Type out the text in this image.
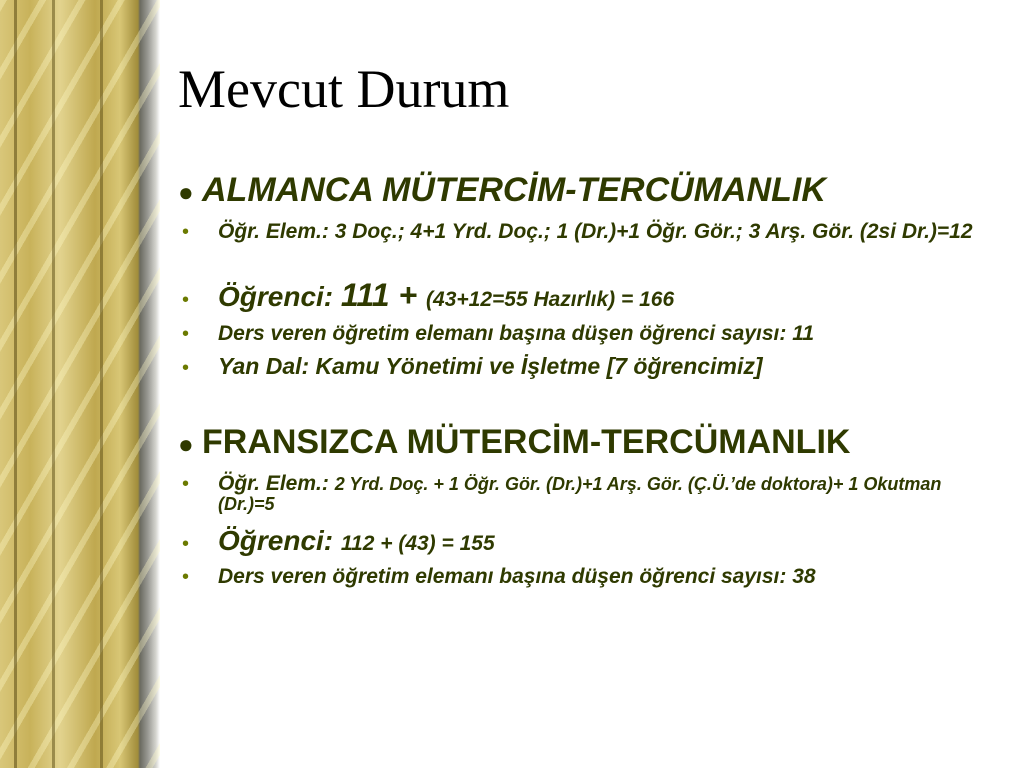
Mevcut Durum
● ALMANCA MÜTERCİM-TERCÜMANLIK
•	Öğr. Elem.: 3 Doç.; 4+1 Yrd. Doç.; 1 (Dr.)+1 Öğr. Gör.; 3 Arş. Gör. (2si Dr.)=12
•	Öğrenci: 111 + (43+12=55 Hazırlık) = 166
•	Ders veren öğretim elemanı başına düşen öğrenci sayısı: 11
•	Yan Dal: Kamu Yönetimi ve İşletme [7 öğrencimiz]
● FRANSIZCA MÜTERCİM-TERCÜMANLIK
•	Öğr. Elem.: 2 Yrd. Doç. + 1 Öğr. Gör. (Dr.)+1 Arş. Gör. (Ç.Ü.’de doktora)+ 1 Okutman (Dr.)=5
•	Öğrenci: 112 + (43) = 155
•	Ders veren öğretim elemanı başına düşen öğrenci sayısı: 38
